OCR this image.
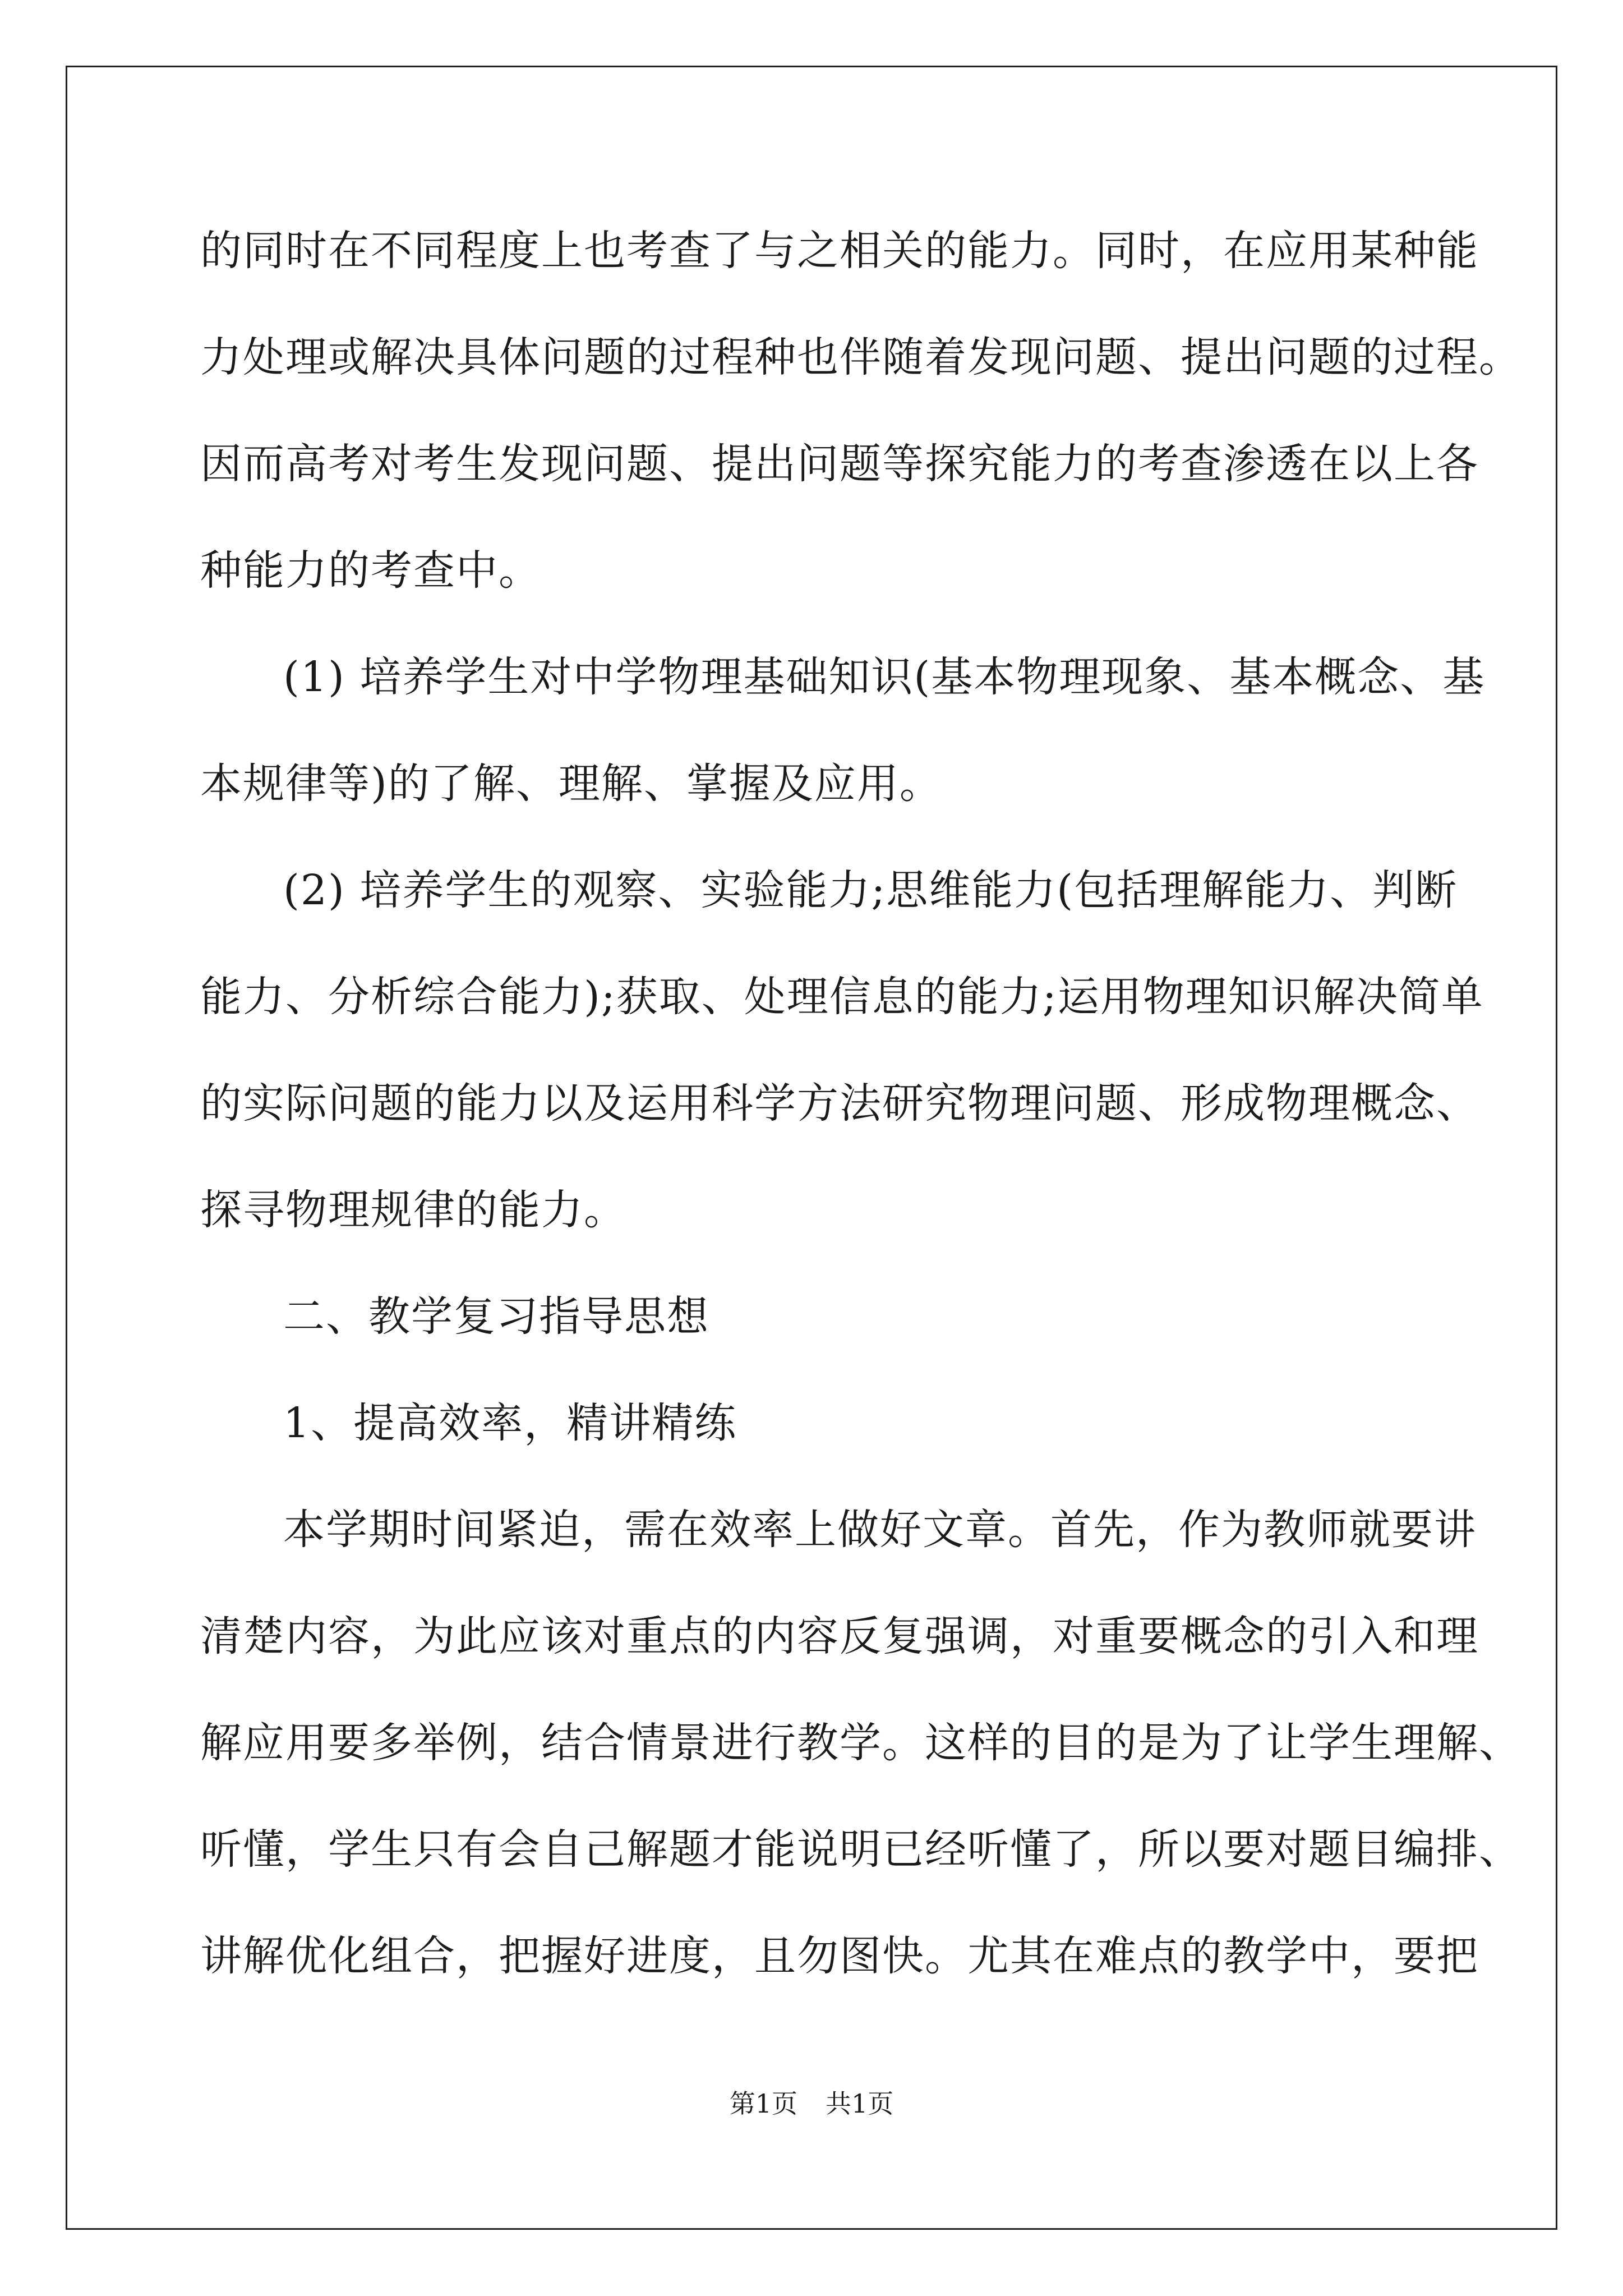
的同时在不同程度上也考查了与之相关的能力。同时，在应用某种能
力处理或解决具体问题的过程种也伴随着发现问题、提出问题的过程。
因而高考对考生发现问题、提出问题等探究能力的考查渗透在以上各
种能力的考查中。
(1) 培养学生对中学物理基础知识(基本物理现象、基本概念、基
本规律等)的了解、理解、掌握及应用。
(2) 培养学生的观察、实验能力;思维能力(包括理解能力、判断
能力、分析综合能力);获取、处理信息的能力;运用物理知识解决简单
的实际问题的能力以及运用科学方法研究物理问题、形成物理概念、
探寻物理规律的能力。
二、教学复习指导思想
1、提高效率，精讲精练
本学期时间紧迫，需在效率上做好文章。首先，作为教师就要讲
清楚内容，为此应该对重点的内容反复强调，对重要概念的引入和理
解应用要多举例，结合情景进行教学。这样的目的是为了让学生理解、
听懂，学生只有会自己解题才能说明已经听懂了，所以要对题目编排、
讲解优化组合，把握好进度，且勿图快。尤其在难点的教学中，要把
第1页 共1页
